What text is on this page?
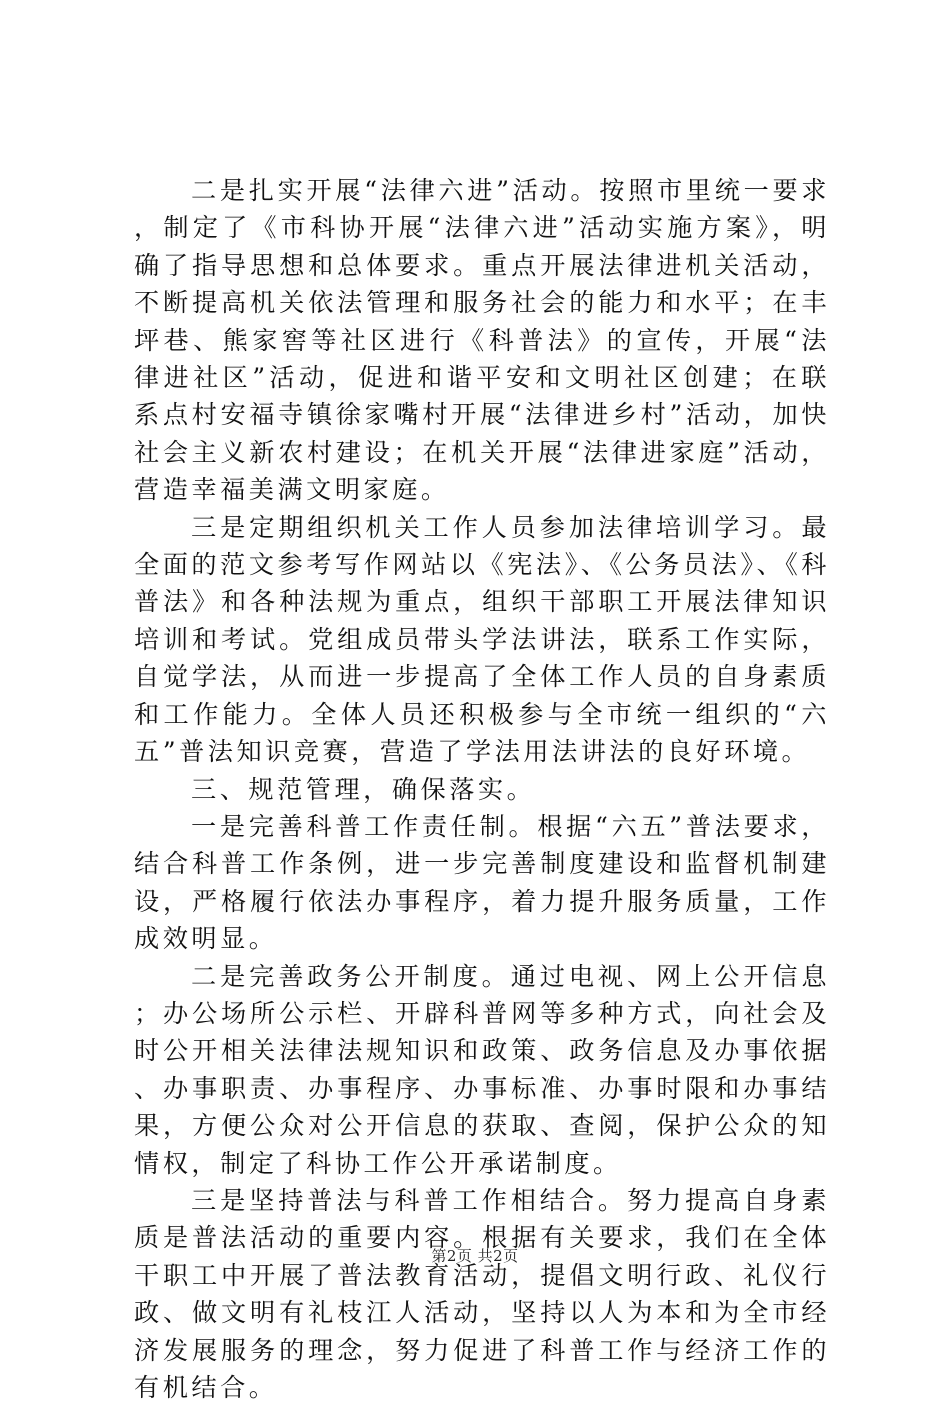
二是扎实开展“法律六进”活动。按照市里统一要求，制定了《市科协开展“法律六进”活动实施方案》，明确了指导思想和总体要求。重点开展法律进机关活动，不断提高机关依法管理和服务社会的能力和水平；在丰坪巷、熊家窖等社区进行《科普法》的宣传，开展“法律进社区”活动，促进和谐平安和文明社区创建；在联系点村安福寺镇徐家嘴村开展“法律进乡村”活动，加快社会主义新农村建设；在机关开展“法律进家庭”活动，营造幸福美满文明家庭。

三是定期组织机关工作人员参加法律培训学习。最全面的范文参考写作网站以《宪法》、《公务员法》、《科普法》和各种法规为重点，组织干部职工开展法律知识培训和考试。党组成员带头学法讲法，联系工作实际，自觉学法，从而进一步提高了全体工作人员的自身素质和工作能力。全体人员还积极参与全市统一组织的“六五”普法知识竞赛，营造了学法用法讲法的良好环境。

三、规范管理，确保落实。

一是完善科普工作责任制。根据“六五”普法要求，结合科普工作条例，进一步完善制度建设和监督机制建设，严格履行依法办事程序，着力提升服务质量，工作成效明显。

二是完善政务公开制度。通过电视、网上公开信息；办公场所公示栏、开辟科普网等多种方式，向社会及时公开相关法律法规知识和政策、政务信息及办事依据、办事职责、办事程序、办事标准、办事时限和办事结果，方便公众对公开信息的获取、查阅，保护公众的知情权，制定了科协工作公开承诺制度。

三是坚持普法与科普工作相结合。努力提高自身素质是普法活动的重要内容。根据有关要求，我们在全体干职工中开展了普法教育活动，提倡文明行政、礼仪行政、做文明有礼枝江人活动，坚持以人为本和为全市经济发展服务的理念，努力促进了科普工作与经济工作的有机结合。

第2页 共2页
